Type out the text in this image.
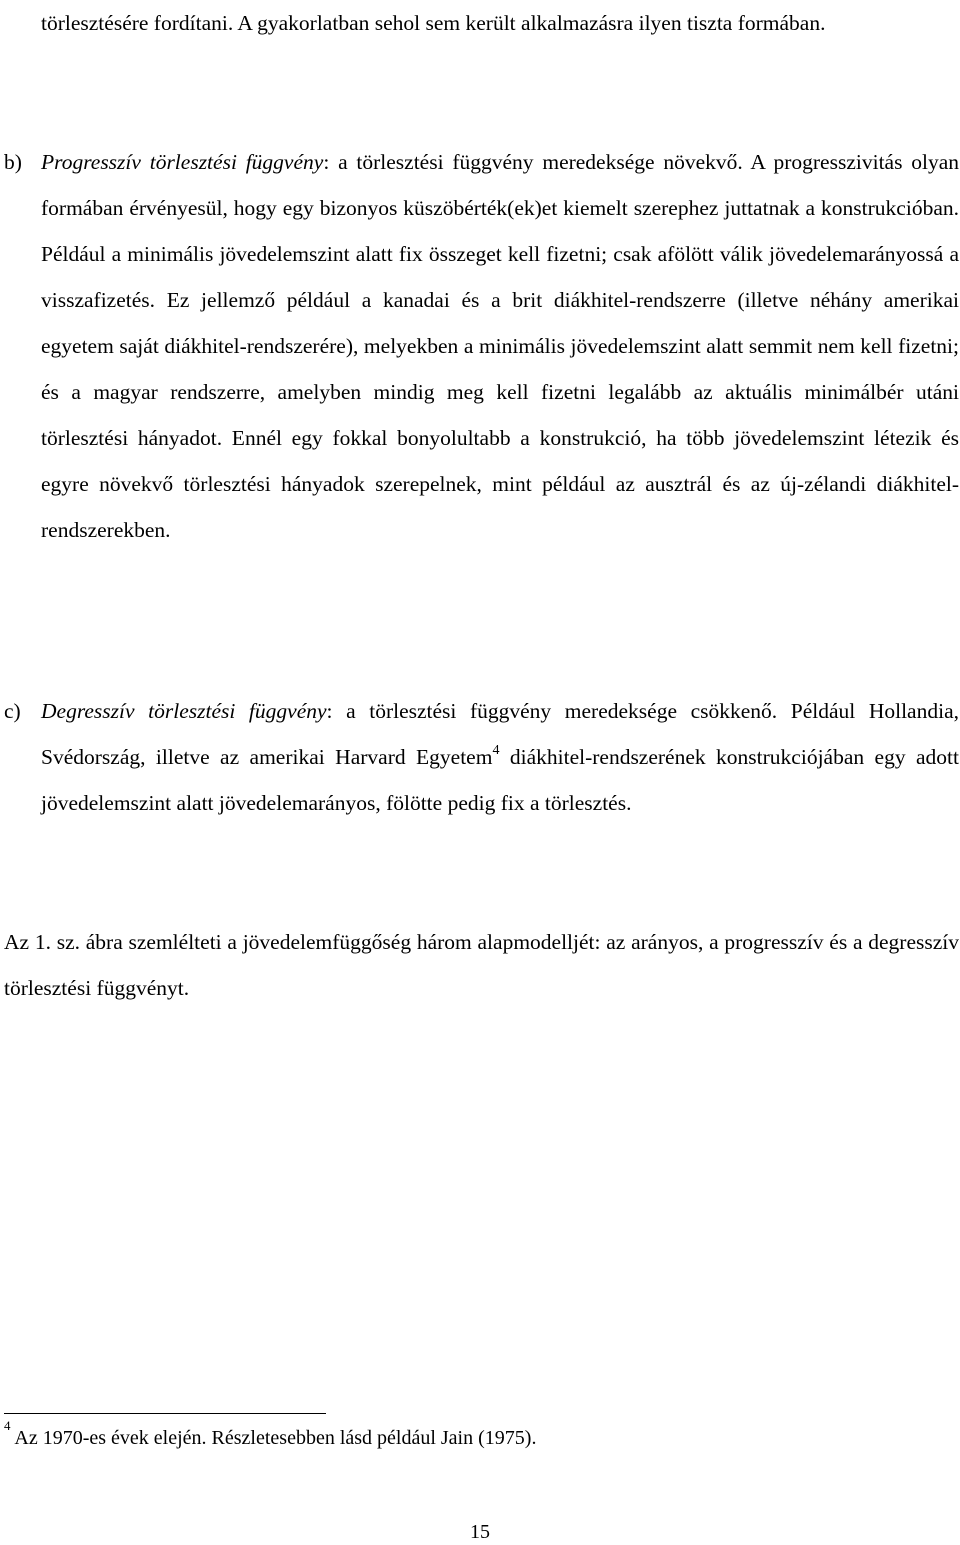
törlesztésére fordítani. A gyakorlatban sehol sem került alkalmazásra ilyen tiszta formában.

b) Progresszív törlesztési függvény: a törlesztési függvény meredeksége növekvő. A progresszivitás olyan formában érvényesül, hogy egy bizonyos küszöbérték(ek)et kiemelt szerephez juttatnak a konstrukcióban. Például a minimális jövedelemszint alatt fix összeget kell fizetni; csak afölött válik jövedelemarányossá a visszafizetés. Ez jellemző például a kanadai és a brit diákhitel-rendszerre (illetve néhány amerikai egyetem saját diákhitel-rendszerére), melyekben a minimális jövedelemszint alatt semmit nem kell fizetni; és a magyar rendszerre, amelyben mindig meg kell fizetni legalább az aktuális minimálbér utáni törlesztési hányadot. Ennél egy fokkal bonyolultabb a konstrukció, ha több jövedelemszint létezik és egyre növekvő törlesztési hányadok szerepelnek, mint például az ausztrál és az új-zélandi diákhitel-rendszerekben.

c) Degresszív törlesztési függvény: a törlesztési függvény meredeksége csökkenő. Például Hollandia, Svédország, illetve az amerikai Harvard Egyetem$^4$ diákhitel-rendszerének konstrukciójában egy adott jövedelemszint alatt jövedelemarányos, fölötte pedig fix a törlesztés.

Az 1. sz. ábra szemlélteti a jövedelemfüggőség három alapmodelljét: az arányos, a progresszív és a degresszív törlesztési függvényt.

$^4$ Az 1970-es évek elején. Részletesebben lásd például Jain (1975).

15
